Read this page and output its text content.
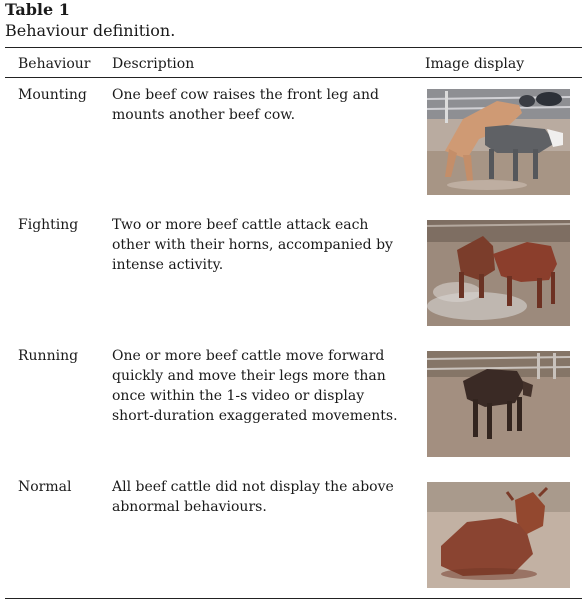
Table 1
Behaviour definition.
Behaviour Description	Image display
Mounting One beef cow raises the front leg and mounts another beef cow.
Fighting Two or more beef cattle attack each other with their horns, accompanied by intense activity.
Running One or more beef cattle move forward quickly and move their legs more than once within the 1-s video or display short-duration exaggerated movements.
Normal	All beef cattle did not display the above abnormal behaviours.
